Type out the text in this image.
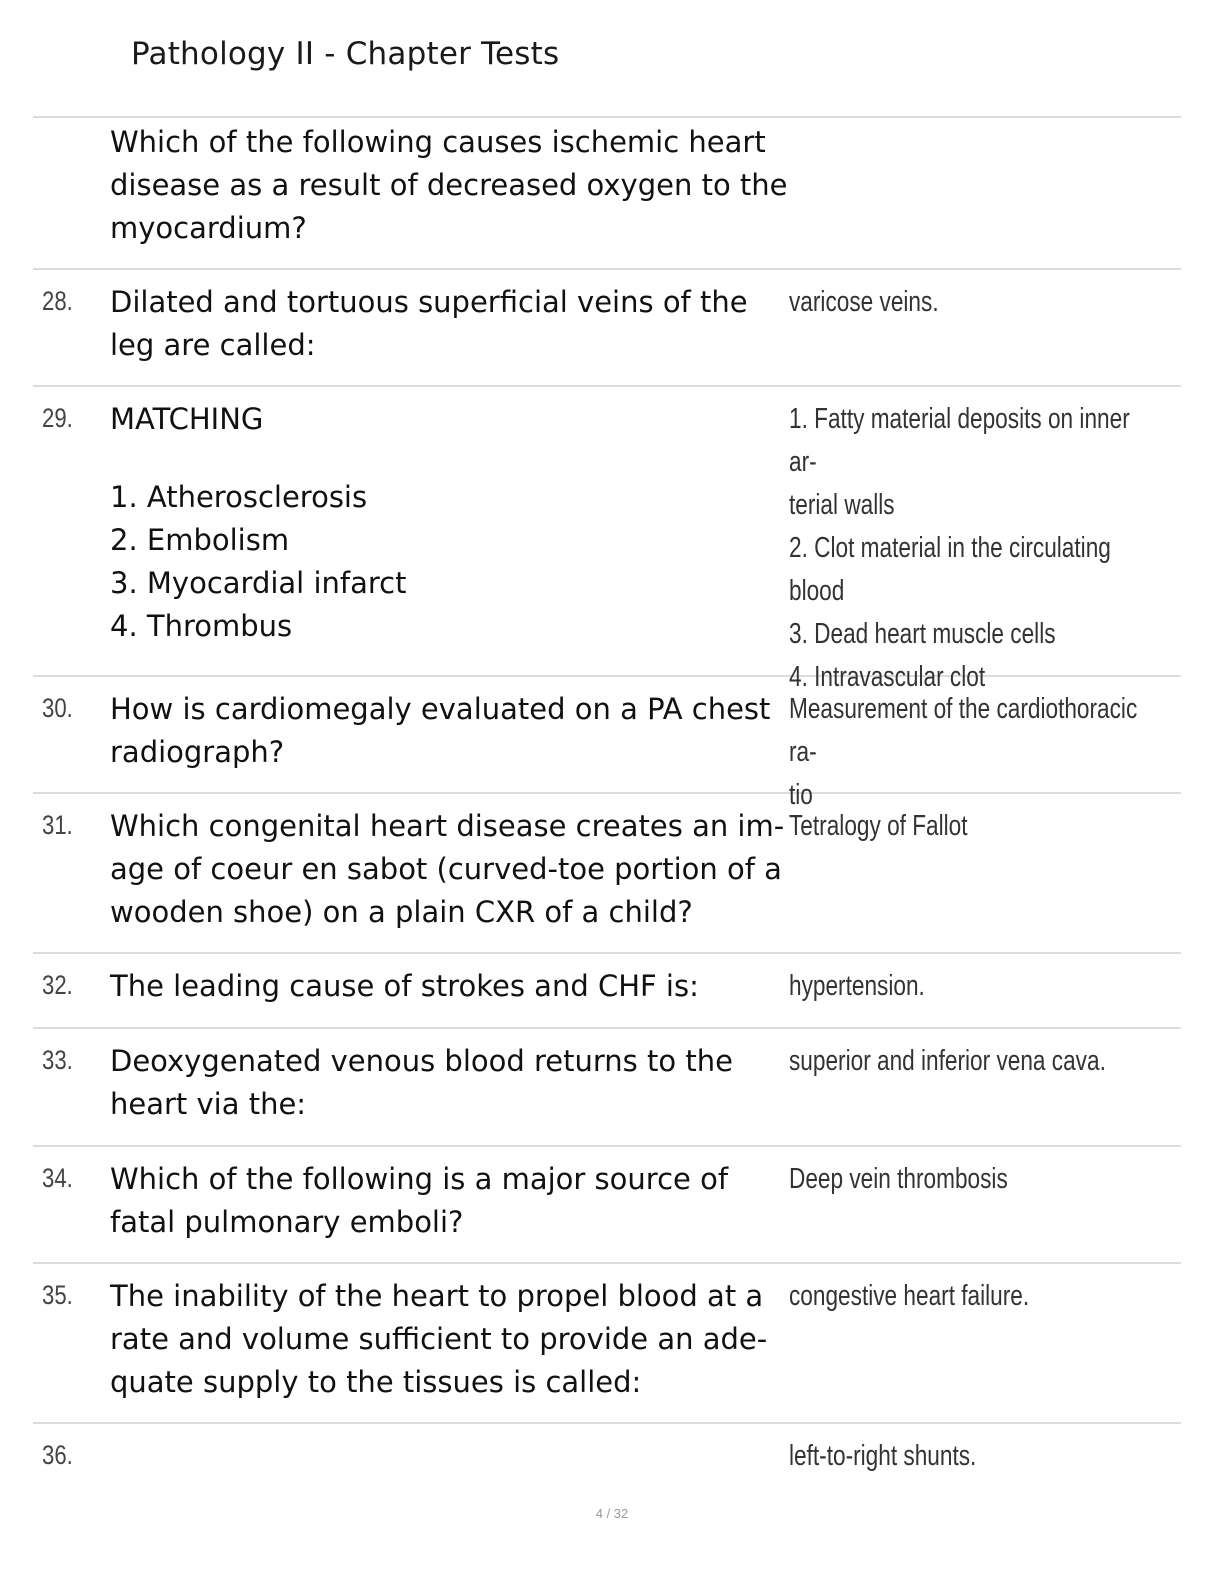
Pathology II - Chapter Tests
Which of the following causes ischemic heart
disease as a result of decreased oxygen to the
myocardium?
28. Dilated and tortuous superficial veins of the
leg are called:
varicose veins.
29. MATCHING
1. Atherosclerosis
2. Embolism
3. Myocardial infarct
4. Thrombus
1. Fatty material deposits on inner ar-
terial walls
2. Clot material in the circulating
blood
3. Dead heart muscle cells
4. Intravascular clot
30. How is cardiomegaly evaluated on a PA chest
radiograph?
Measurement of the cardiothoracic ra-
tio
31. Which congenital heart disease creates an im-
age of coeur en sabot (curved-toe portion of a
wooden shoe) on a plain CXR of a child?
Tetralogy of Fallot
32. The leading cause of strokes and CHF is:	hypertension.
33. Deoxygenated venous blood returns to the
heart via the:
superior and inferior vena cava.
34. Which of the following is a major source of
fatal pulmonary emboli?
Deep vein thrombosis
35. The inability of the heart to propel blood at a
rate and volume sufficient to provide an ade-
quate supply to the tissues is called:
congestive heart failure.
36.	left-to-right shunts.
4 / 32
